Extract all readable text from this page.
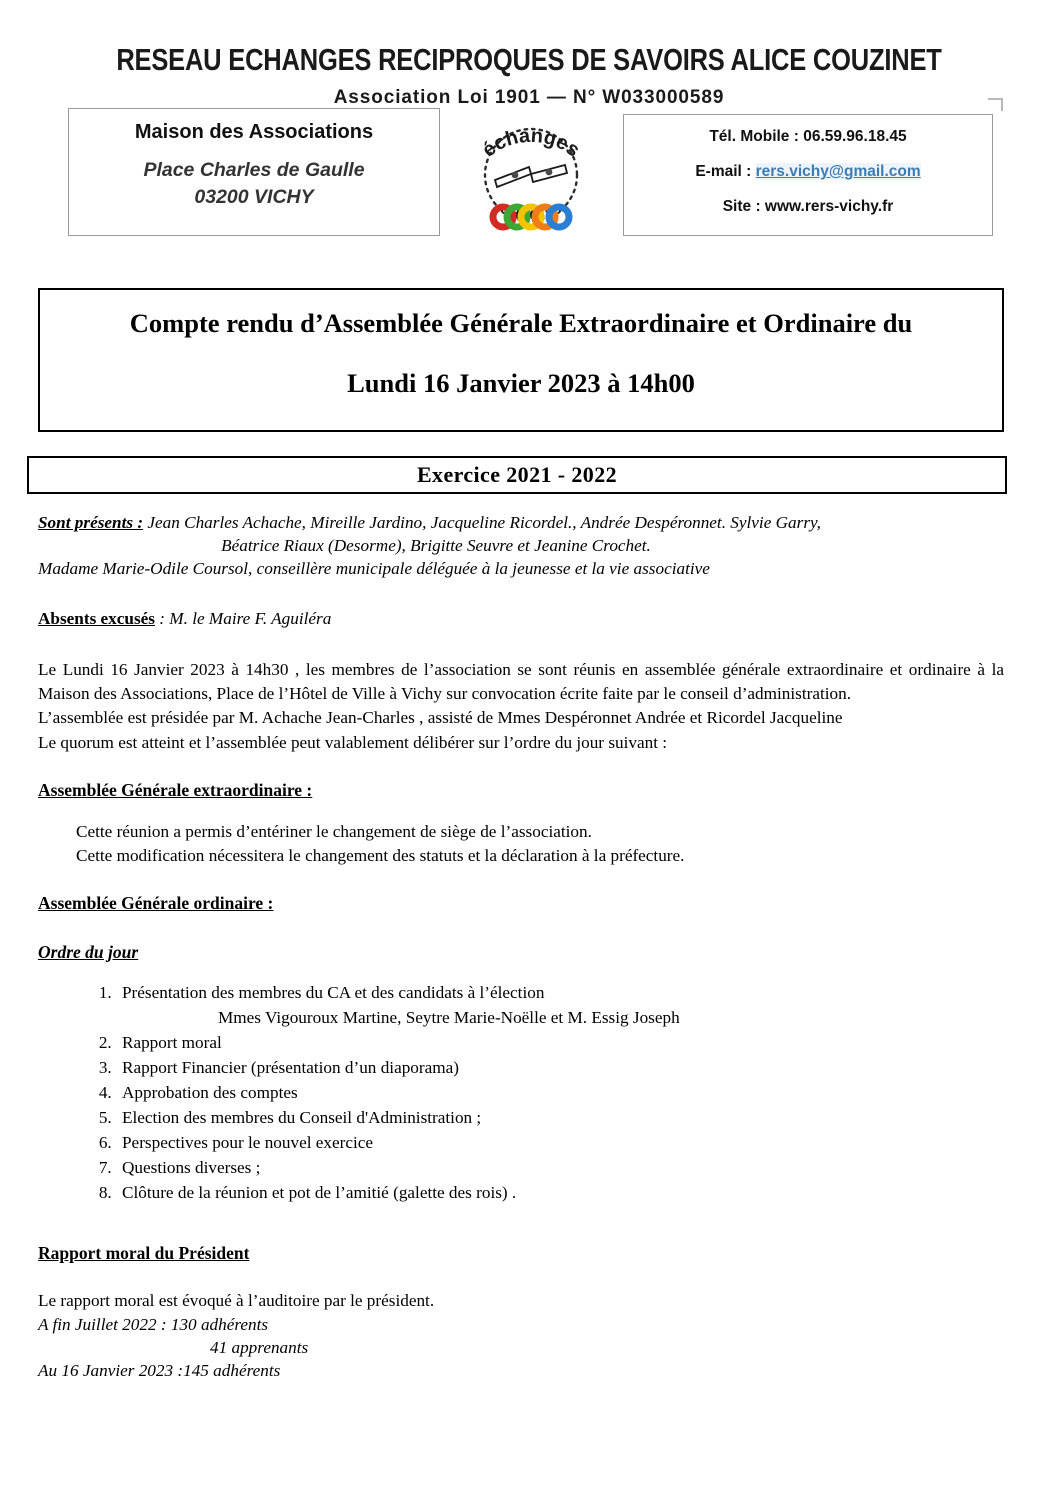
RESEAU ECHANGES RECIPROQUES DE SAVOIRS ALICE COUZINET
Association Loi 1901 — N° W033000589
Maison des Associations
Place Charles de Gaulle
03200 VICHY
Tél. Mobile : 06.59.96.18.45
E-mail : rers.vichy@gmail.com
Site : www.rers-vichy.fr
échanges
savoirs
Compte rendu d’Assemblée Générale Extraordinaire et Ordinaire du
Lundi 16 Janvier 2023 à 14h00
Exercice 2021 - 2022
Sont présents : Jean Charles Achache, Mireille Jardino, Jacqueline Ricordel., Andrée Despéronnet. Sylvie Garry,
Béatrice Riaux (Desorme), Brigitte Seuvre et Jeanine Crochet.
Madame Marie-Odile Coursol, conseillère municipale déléguée à la jeunesse et la vie associative
Absents excusés : M. le Maire F. Aguiléra
Le Lundi 16 Janvier 2023 à 14h30 , les membres de l’association se sont réunis en assemblée générale extraordinaire et ordinaire à la Maison des Associations, Place de l’Hôtel de Ville à Vichy sur convocation écrite faite par le conseil d’administration.
L’assemblée est présidée par M. Achache Jean-Charles , assisté de Mmes Despéronnet Andrée et Ricordel Jacqueline
Le quorum est atteint et l’assemblée peut valablement délibérer sur l’ordre du jour suivant :
Assemblée Générale extraordinaire :
Cette réunion a permis d’entériner le changement de siège de l’association.
Cette modification nécessitera le changement des statuts et la déclaration à la préfecture.
Assemblée Générale ordinaire :
Ordre du jour
1. Présentation des membres du CA et des candidats à l’élection
Mmes Vigouroux Martine, Seytre Marie-Noëlle et M. Essig Joseph
2. Rapport moral
3. Rapport Financier (présentation d’un diaporama)
4. Approbation des comptes
5. Election des membres du Conseil d'Administration ;
6. Perspectives pour le nouvel exercice
7. Questions diverses ;
8. Clôture de la réunion et pot de l’amitié (galette des rois) .
Rapport moral du Président
Le rapport moral est évoqué à l’auditoire par le président.
A fin Juillet 2022 : 130 adhérents
41 apprenants
Au 16 Janvier 2023 :145 adhérents
